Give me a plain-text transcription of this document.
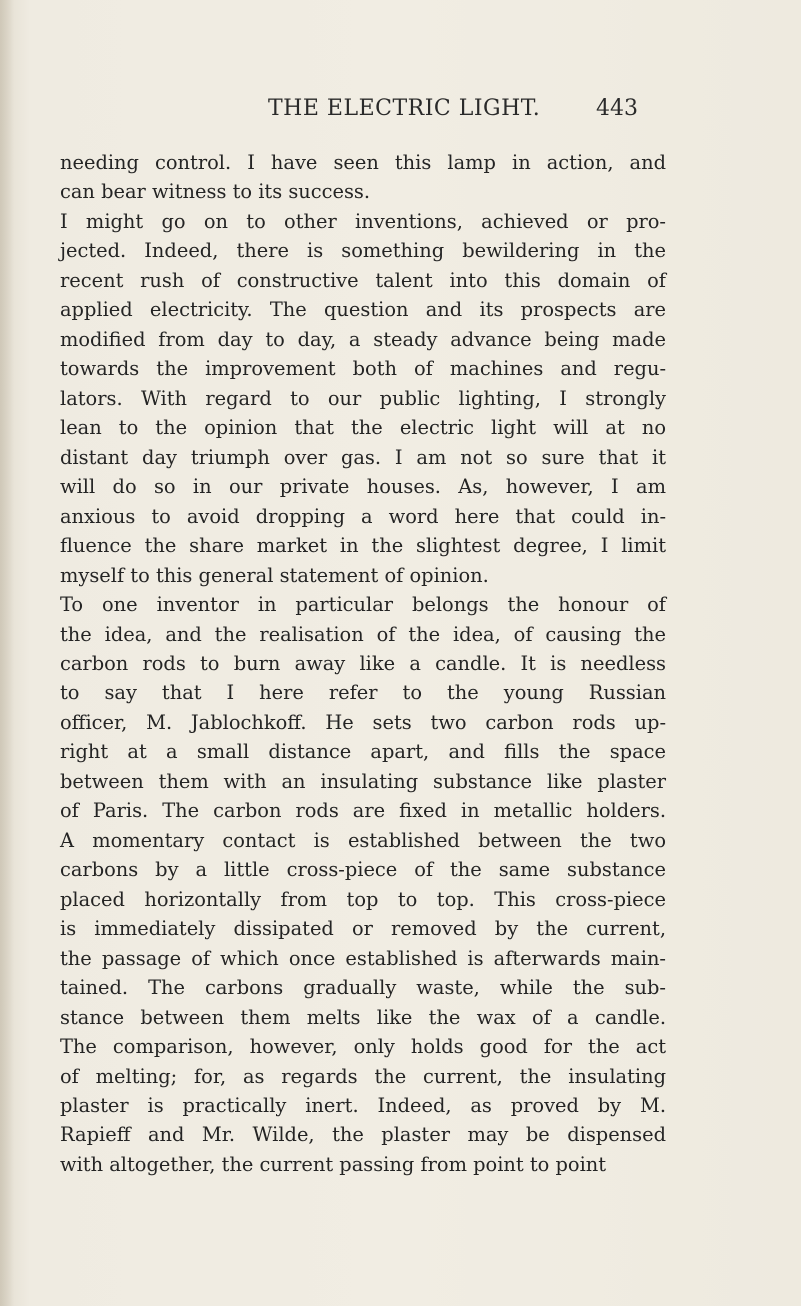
THE ELECTRIC LIGHT.	443
needing control. I have seen this lamp in action, and
can bear witness to its success.
I might go on to other inventions, achieved or pro-
jected. Indeed, there is something bewildering in the
recent rush of constructive talent into this domain of
applied electricity. The question and its prospects are
modified from day to day, a steady advance being made
towards the improvement both of machines and regu-
lators. With regard to our public lighting, I strongly
lean to the opinion that the electric light will at no
distant day triumph over gas. I am not so sure that it
will do so in our private houses. As, however, I am
anxious to avoid dropping a word here that could in-
fluence the share market in the slightest degree, I limit
myself to this general statement of opinion.
To one inventor in particular belongs the honour of
the idea, and the realisation of the idea, of causing the
carbon rods to burn away like a candle. It is needless
to say that I here refer to the young Russian
officer, M. Jablochkoff. He sets two carbon rods up-
right at a small distance apart, and fills the space
between them with an insulating substance like plaster
of Paris. The carbon rods are fixed in metallic holders.
A momentary contact is established between the two
carbons by a little cross-piece of the same substance
placed horizontally from top to top. This cross-piece
is immediately dissipated or removed by the current,
the passage of which once established is afterwards main-
tained. The carbons gradually waste, while the sub-
stance between them melts like the wax of a candle.
The comparison, however, only holds good for the act
of melting; for, as regards the current, the insulating
plaster is practically inert. Indeed, as proved by M.
Rapieff and Mr. Wilde, the plaster may be dispensed
with altogether, the current passing from point to point
